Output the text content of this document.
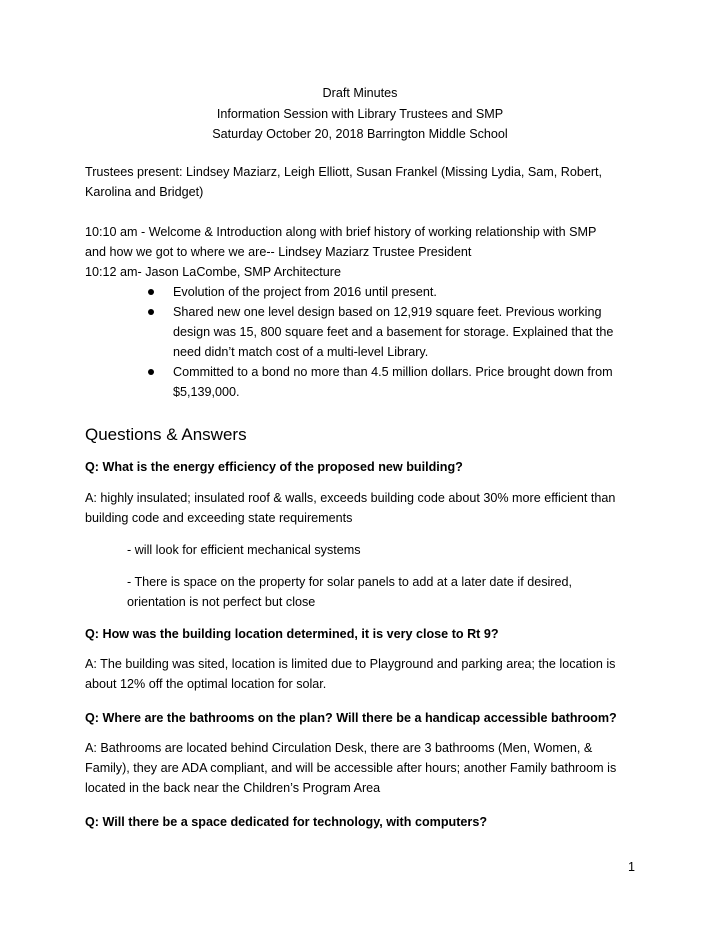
Draft Minutes
Information Session with Library Trustees and SMP
Saturday October 20, 2018 Barrington Middle School
Trustees present: Lindsey Maziarz, Leigh Elliott, Susan Frankel (Missing Lydia, Sam, Robert,
Karolina and Bridget)
10:10 am - Welcome & Introduction along with brief history of working relationship with SMP
and how we got to where we are-- Lindsey Maziarz Trustee President
10:12 am- Jason LaCombe, SMP Architecture
Evolution of the project from 2016 until present.
Shared new one level design based on 12,919 square feet. Previous working
design was 15, 800 square feet and a basement for storage. Explained that the
need didn’t match cost of a multi-level Library.
Committed to a bond no more than 4.5 million dollars. Price brought down from
$5,139,000.
Questions & Answers
Q: What is the energy efficiency of the proposed new building?
A: highly insulated; insulated roof & walls, exceeds building code about 30% more efficient than
building code and exceeding state requirements
- will look for efficient mechanical systems
- There is space on the property for solar panels to add at a later date if desired,
orientation is not perfect but close
Q: How was the building location determined, it is very close to Rt 9?
A: The building was sited, location is limited due to Playground and parking area; the location is
about 12% off the optimal location for solar.
Q: Where are the bathrooms on the plan? Will there be a handicap accessible bathroom?
A: Bathrooms are located behind Circulation Desk, there are 3 bathrooms (Men, Women, &
Family), they are ADA compliant, and will be accessible after hours; another Family bathroom is
located in the back near the Children’s Program Area
Q: Will there be a space dedicated for technology, with computers?
1
